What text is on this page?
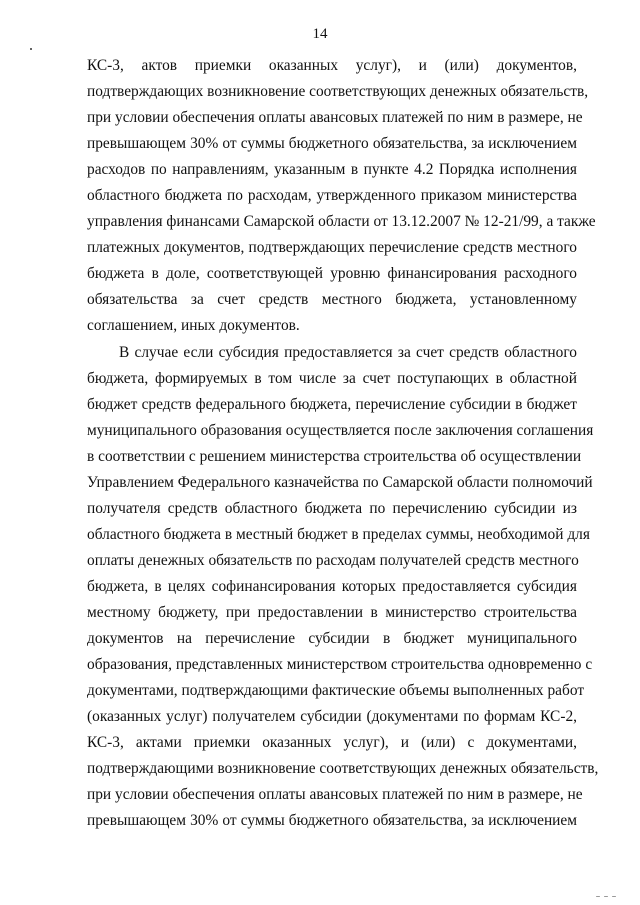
14
КС-3, актов приемки оказанных услуг), и (или) документов,
подтверждающих возникновение соответствующих денежных обязательств,
при условии обеспечения оплаты авансовых платежей по ним в размере, не
превышающем 30% от суммы бюджетного обязательства, за исключением
расходов по направлениям, указанным в пункте 4.2 Порядка исполнения
областного бюджета по расходам, утвержденного приказом министерства
управления финансами Самарской области от 13.12.2007 № 12-21/99, а также
платежных документов, подтверждающих перечисление средств местного
бюджета в доле, соответствующей уровню финансирования расходного
обязательства за счет средств местного бюджета, установленному
соглашением, иных документов.
В случае если субсидия предоставляется за счет средств областного
бюджета, формируемых в том числе за счет поступающих в областной
бюджет средств федерального бюджета, перечисление субсидии в бюджет
муниципального образования осуществляется после заключения соглашения
в соответствии с решением министерства строительства об осуществлении
Управлением Федерального казначейства по Самарской области полномочий
получателя средств областного бюджета по перечислению субсидии из
областного бюджета в местный бюджет в пределах суммы, необходимой для
оплаты денежных обязательств по расходам получателей средств местного
бюджета, в целях софинансирования которых предоставляется субсидия
местному бюджету, при предоставлении в министерство строительства
документов на перечисление субсидии в бюджет муниципального
образования, представленных министерством строительства одновременно с
документами, подтверждающими фактические объемы выполненных работ
(оказанных услуг) получателем субсидии (документами по формам КС-2,
КС-3, актами приемки оказанных услуг), и (или) с документами,
подтверждающими возникновение соответствующих денежных обязательств,
при условии обеспечения оплаты авансовых платежей по ним в размере, не
превышающем 30% от суммы бюджетного обязательства, за исключением
